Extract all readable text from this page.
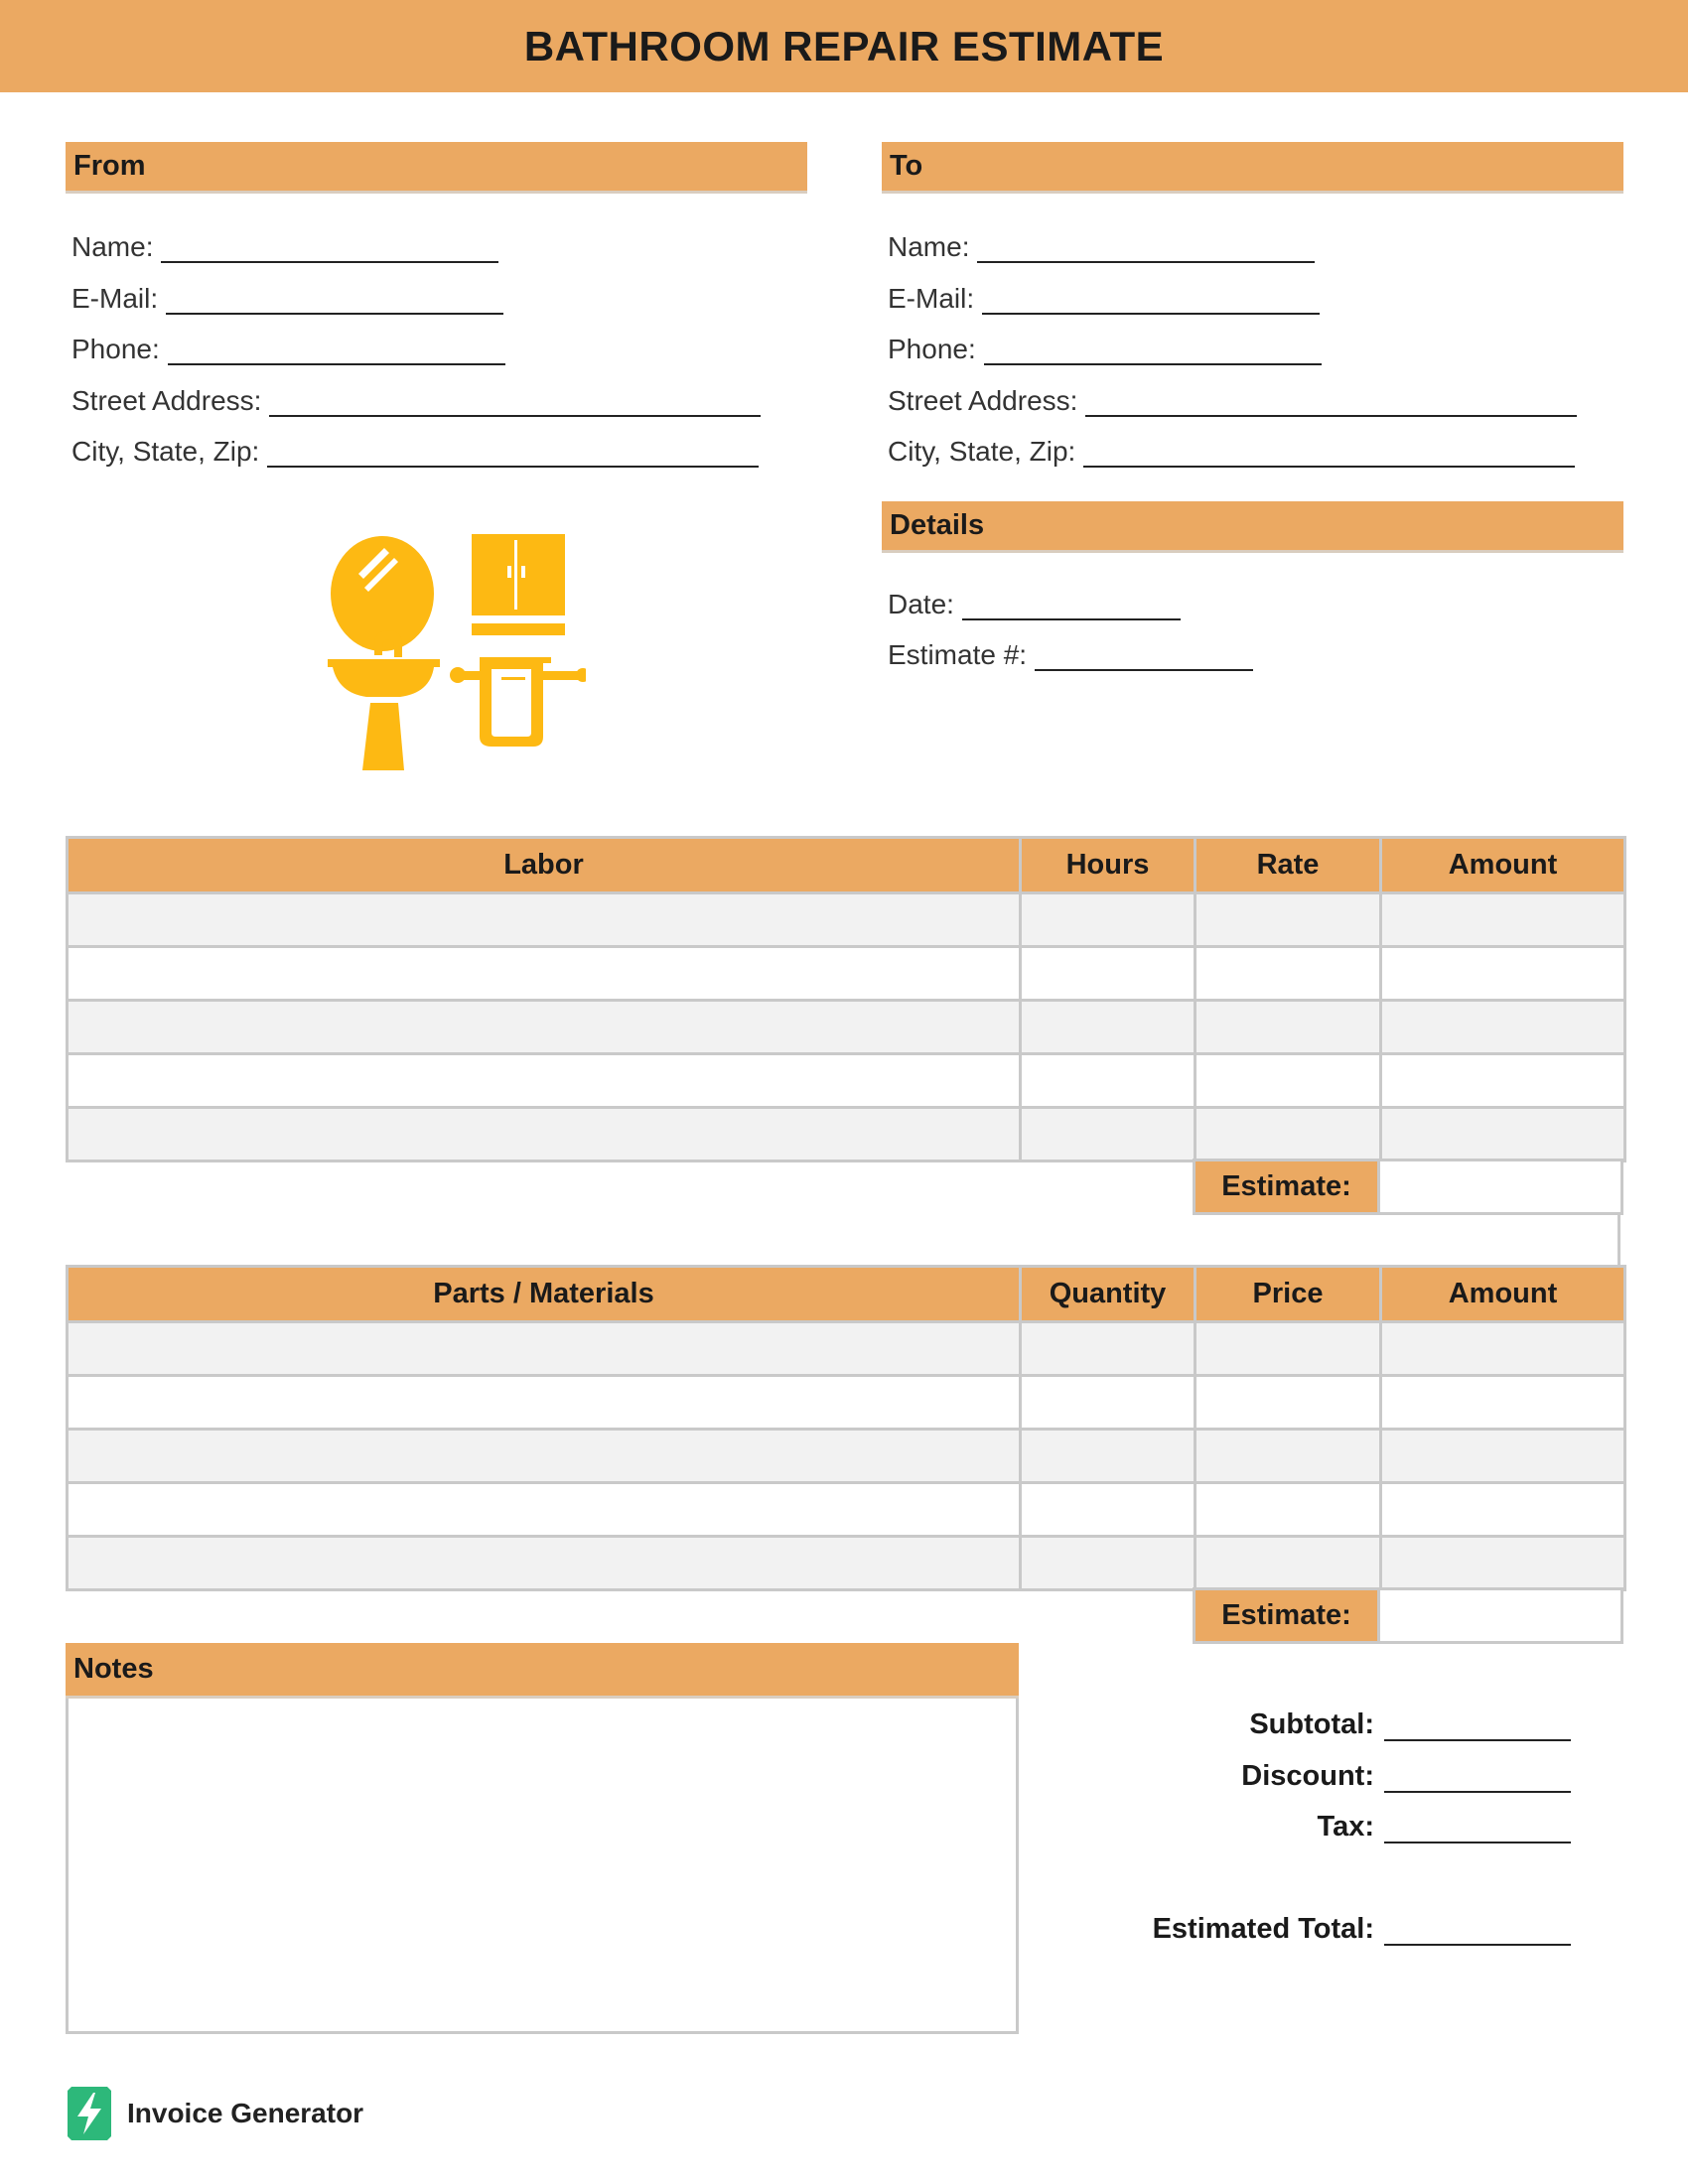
BATHROOM REPAIR ESTIMATE
From
Name:
E-Mail:
Phone:
Street Address:
City, State, Zip:
To
Name:
E-Mail:
Phone:
Street Address:
City, State, Zip:
Details
Date:
Estimate #:
Labor	Hours	Rate	Amount

Estimate:
Parts / Materials	Quantity	Price	Amount

Estimate:
Notes
Subtotal:
Discount:
Tax:
Estimated Total:
Invoice Generator
